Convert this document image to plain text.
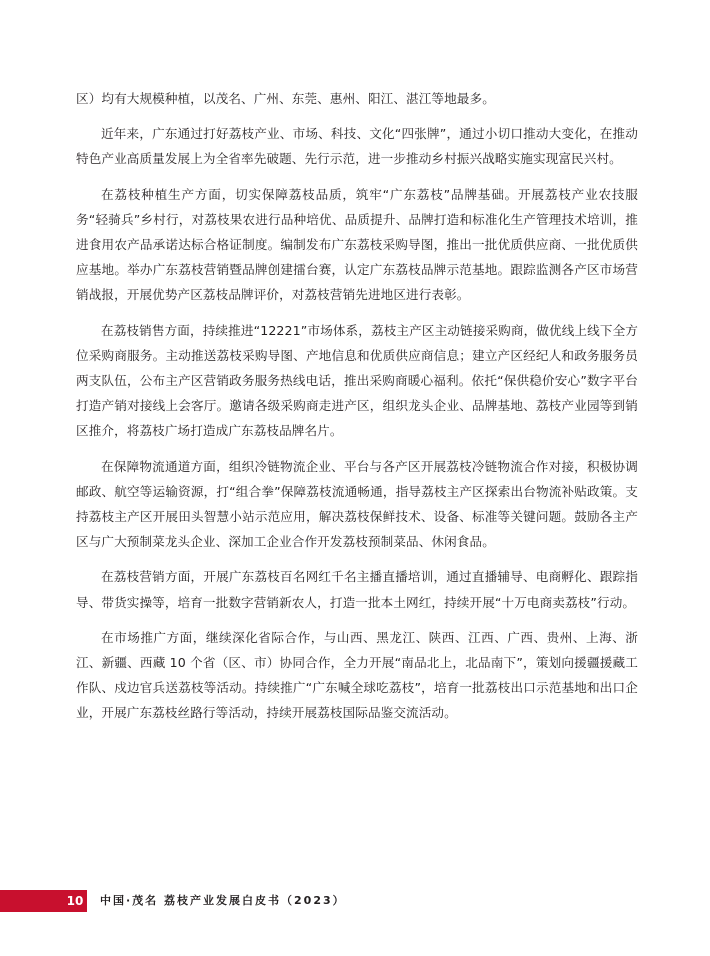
区）均有大规模种植，以茂名、广州、东莞、惠州、阳江、湛江等地最多。

近年来，广东通过打好荔枝产业、市场、科技、文化“四张牌”，通过小切口推动大变化，在推动特色产业高质量发展上为全省率先破题、先行示范，进一步推动乡村振兴战略实施实现富民兴村。

在荔枝种植生产方面，切实保障荔枝品质，筑牢“广东荔枝”品牌基础。开展荔枝产业农技服务“轻骑兵”乡村行，对荔枝果农进行品种培优、品质提升、品牌打造和标准化生产管理技术培训，推进食用农产品承诺达标合格证制度。编制发布广东荔枝采购导图，推出一批优质供应商、一批优质供应基地。举办广东荔枝营销暨品牌创建擂台赛，认定广东荔枝品牌示范基地。跟踪监测各产区市场营销战报，开展优势产区荔枝品牌评价，对荔枝营销先进地区进行表彰。

在荔枝销售方面，持续推进“12221”市场体系，荔枝主产区主动链接采购商，做优线上线下全方位采购商服务。主动推送荔枝采购导图、产地信息和优质供应商信息；建立产区经纪人和政务服务员两支队伍，公布主产区营销政务服务热线电话，推出采购商暖心福利。依托“保供稳价安心”数字平台打造产销对接线上会客厅。邀请各级采购商走进产区，组织龙头企业、品牌基地、荔枝产业园等到销区推介，将荔枝广场打造成广东荔枝品牌名片。

在保障物流通道方面，组织冷链物流企业、平台与各产区开展荔枝冷链物流合作对接，积极协调邮政、航空等运输资源，打“组合拳”保障荔枝流通畅通，指导荔枝主产区探索出台物流补贴政策。支持荔枝主产区开展田头智慧小站示范应用，解决荔枝保鲜技术、设备、标准等关键问题。鼓励各主产区与广大预制菜龙头企业、深加工企业合作开发荔枝预制菜品、休闲食品。

在荔枝营销方面，开展广东荔枝百名网红千名主播直播培训，通过直播辅导、电商孵化、跟踪指导、带货实操等，培育一批数字营销新农人，打造一批本土网红，持续开展“十万电商卖荔枝”行动。

在市场推广方面，继续深化省际合作，与山西、黑龙江、陕西、江西、广西、贵州、上海、浙江、新疆、西藏 10 个省（区、市）协同合作，全力开展“南品北上，北品南下”，策划向援疆援藏工作队、戍边官兵送荔枝等活动。持续推广“广东喊全球吃荔枝”，培育一批荔枝出口示范基地和出口企业，开展广东荔枝丝路行等活动，持续开展荔枝国际品鉴交流活动。

10	中国·茂名 荔枝产业发展白皮书（2023）
